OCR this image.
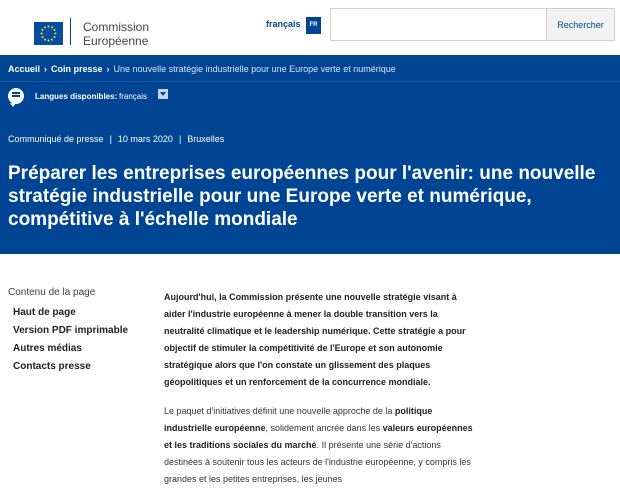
Commission
Européenne
français	FR	Rechercher
Accueil › Coin presse › Une nouvelle stratégie industrielle pour une Europe verte et numérique
Langues disponibles: français
Communiqué de presse | 10 mars 2020 | Bruxelles
Préparer les entreprises européennes pour l'avenir: une nouvelle stratégie industrielle pour une Europe verte et numérique, compétitive à l'échelle mondiale
Contenu de la page
Haut de page
Version PDF imprimable
Autres médias
Contacts presse

Aujourd'hui, la Commission présente une nouvelle stratégie visant à aider l'industrie européenne à mener la double transition vers la neutralité climatique et le leadership numérique. Cette stratégie a pour objectif de stimuler la compétitivité de l'Europe et son autonomie stratégique alors que l'on constate un glissement des plaques géopolitiques et un renforcement de la concurrence mondiale.

Le paquet d'initiatives définit une nouvelle approche de la politique industrielle européenne, solidement ancrée dans les valeurs européennes et les traditions sociales du marché. Il présente une série d'actions destinées à soutenir tous les acteurs de l'industrie européenne, y compris les grandes et les petites entreprises, les jeunes
